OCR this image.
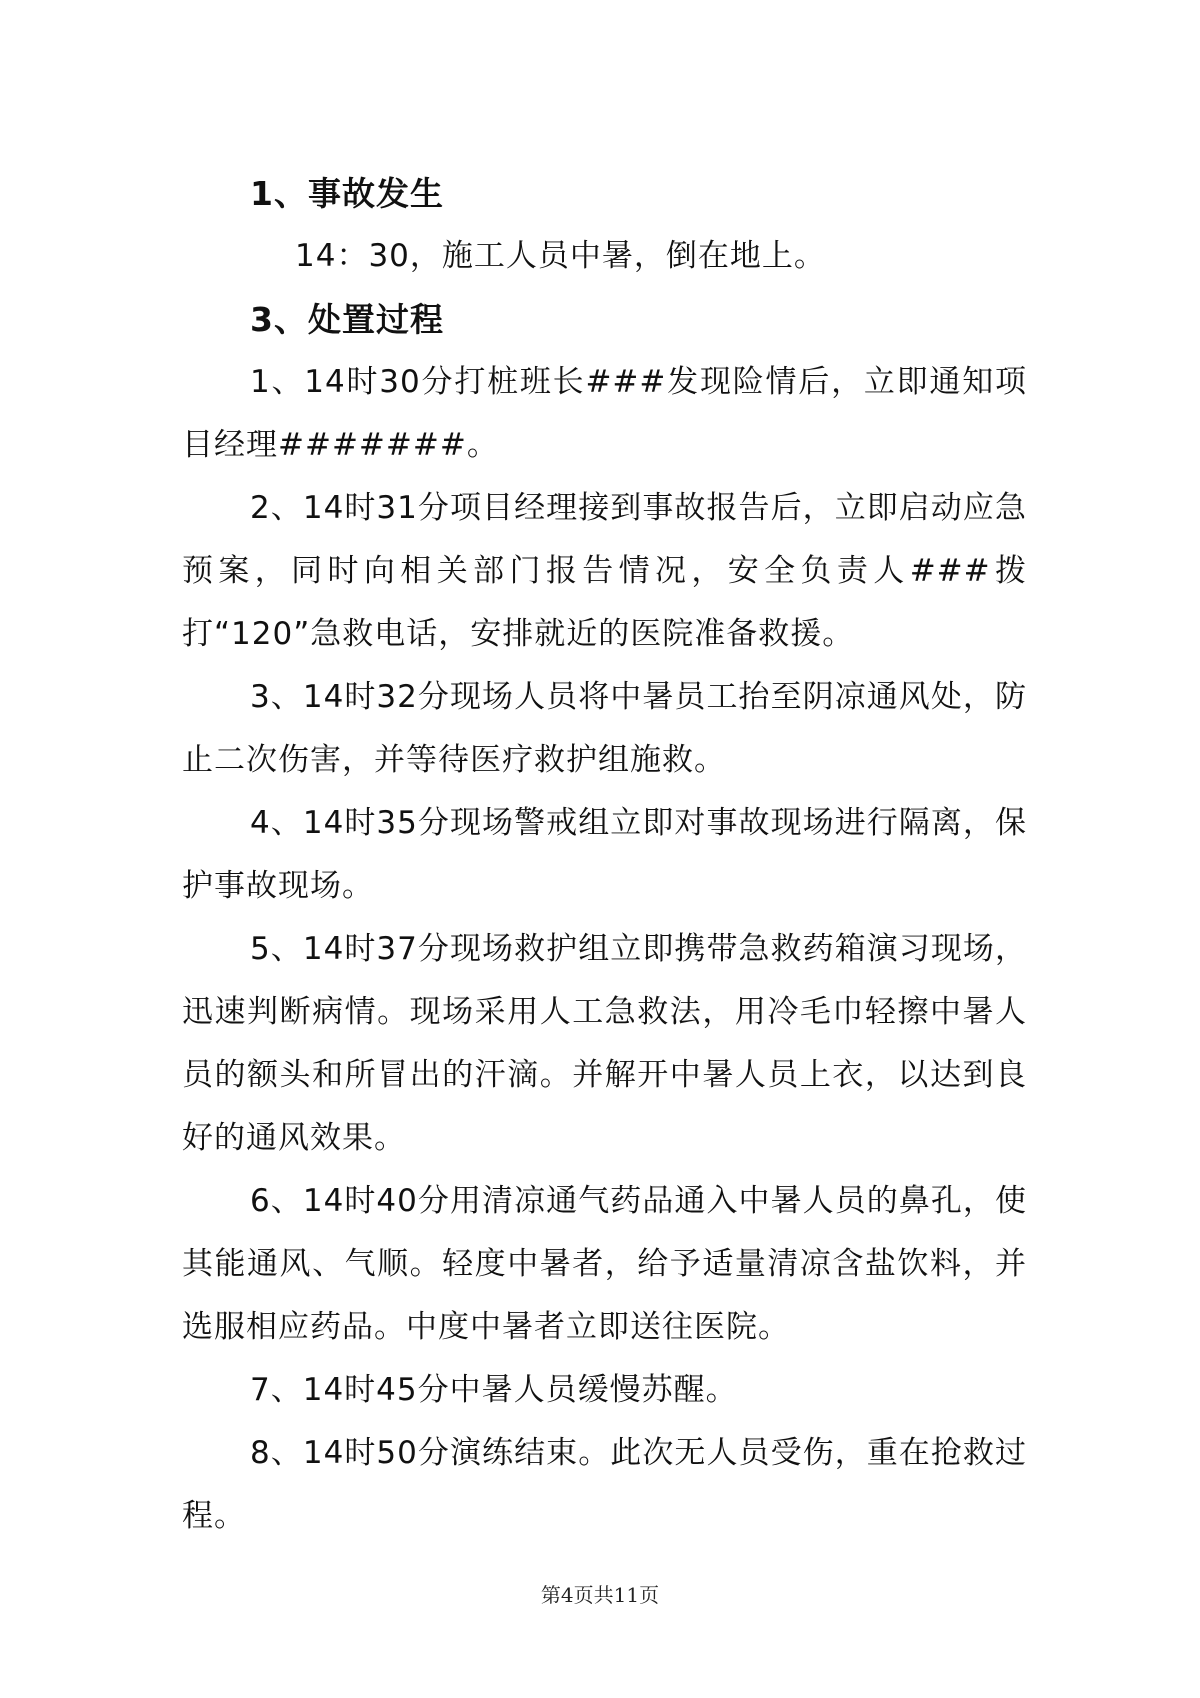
1、事故发生

14：30，施工人员中暑，倒在地上。

3、处置过程

1、14时30分打桩班长###发现险情后，立即通知项目经理#######。

2、14时31分项目经理接到事故报告后，立即启动应急预案，同时向相关部门报告情况，安全负责人###拨打“120”急救电话，安排就近的医院准备救援。

3、14时32分现场人员将中暑员工抬至阴凉通风处，防止二次伤害，并等待医疗救护组施救。

4、14时35分现场警戒组立即对事故现场进行隔离，保护事故现场。

5、14时37分现场救护组立即携带急救药箱演习现场，迅速判断病情。现场采用人工急救法，用冷毛巾轻擦中暑人员的额头和所冒出的汗滴。并解开中暑人员上衣，以达到良好的通风效果。

6、14时40分用清凉通气药品通入中暑人员的鼻孔，使其能通风、气顺。轻度中暑者，给予适量清凉含盐饮料，并选服相应药品。中度中暑者立即送往医院。

7、14时45分中暑人员缓慢苏醒。

8、14时50分演练结束。此次无人员受伤，重在抢救过程。

第4页共11页
